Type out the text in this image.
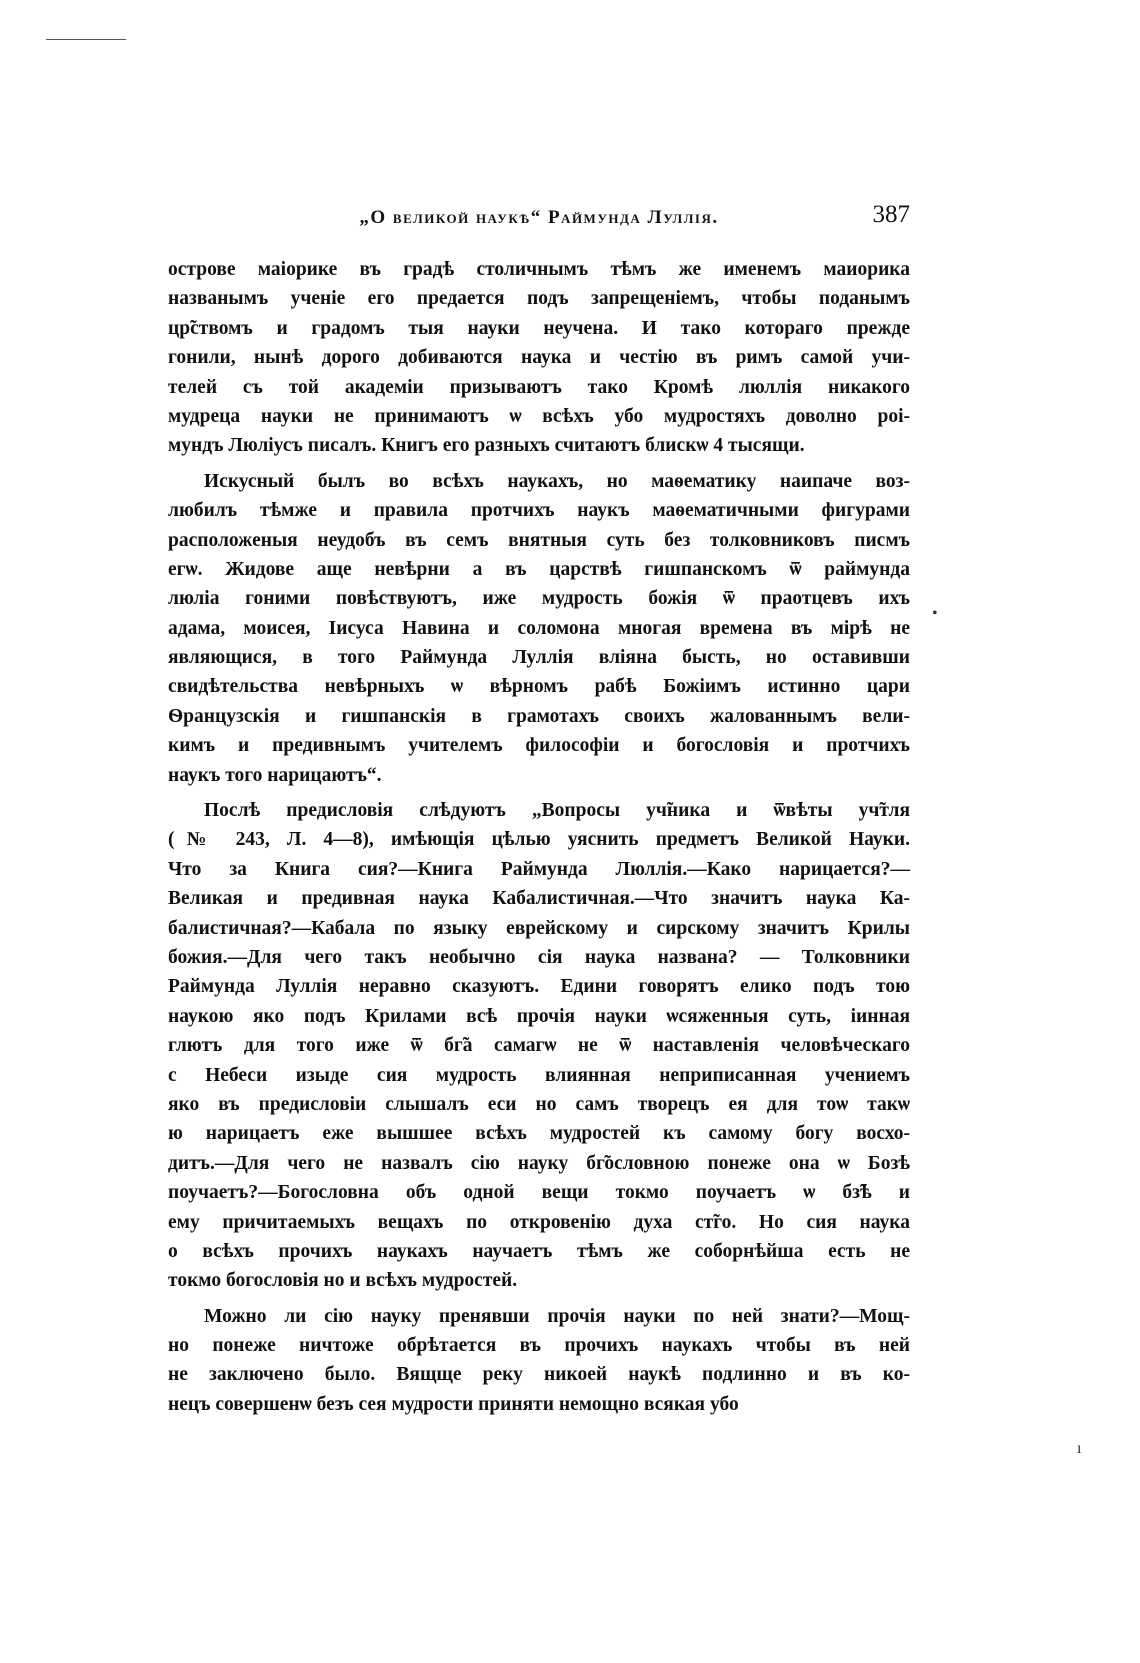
„О великой наукѣ“ Раймунда Луллія.	387
острове маіорике въ градѣ столичнымъ тѣмъ же именемъ маиорика
названымъ ученіе его предается подъ запрещеніемъ, чтобы поданымъ
цр̃ствомъ и градомъ тыя науки неучена. И тако котораго прежде
гонили, нынѣ дорого добиваются наука и честію въ римъ самой учи-
телей съ той академіи призываютъ тако Кромѣ люллія никакого
мудреца науки не принимаютъ ѡ всѣхъ убо мудростяхъ доволно роі-
мундъ Люліусъ писалъ. Книгъ его разныхъ считаютъ блискѡ 4 тысящи.
Искусный былъ во всѣхъ наукахъ, но маѳематику наипаче воз-
любилъ тѣмже и правила протчихъ наукъ маѳематичными фигурами
расположеныя неудобъ въ семъ внятныя суть без толковниковъ писмъ
егѡ. Жидове аще невѣрни а въ царствѣ гишпанскомъ ѿ раймунда
люліа гоними повѣствуютъ, иже мудрость божія ѿ праотцевъ ихъ
адама, моисея, Іисуса Навина и соломона многая времена въ мірѣ не
являющися, в того Раймунда Луллія вліяна бысть, но оставивши
свидѣтельства невѣрныхъ ѡ вѣрномъ рабѣ Божіимъ истинно цари
Ѳранцузскія и гишпанскія в грамотахъ своихъ жалованнымъ вели-
кимъ и предивнымъ учителемъ философіи и богословія и протчихъ
наукъ того нарицаютъ“.
Послѣ предисловія слѣдуютъ „Вопросы уч̃ника и ѿвѣты уч̃тля
(№ 243, Л. 4—8), имѣющія цѣлью уяснить предметъ Великой Науки.
Что за Книга сия?—Книга Раймунда Люллія.—Како нарицается?—
Великая и предивная наука Кабалистичная.—Что значитъ наука Ка-
балистичная?—Кабала по языку еврейскому и сирскому значитъ Крилы
божия.—Для чего такъ необычно сія наука названа? — Толковники
Раймунда Луллія неравно сказуютъ. Едини говорятъ елико подъ тою
наукою яко подъ Крилами всѣ прочія науки ѡсяженныя суть, іинная
глютъ для того иже ѿ бг̃а самагѡ не ѿ наставленія человѣческаго
с Небеси изыде сия мудрость влиянная неприписанная учениемъ
яко въ предисловіи слышалъ еси но самъ творецъ ея для тоѡ такѡ
ю нарицаетъ еже вышшее всѣхъ мудростей къ самому богу восхо-
дитъ.—Для чего не назвалъ сію науку бг̃ословною понеже она ѡ Бозѣ
поучаетъ?—Богословна объ одной вещи токмо поучаетъ ѡ бз̃ѣ и
ему причитаемыхъ вещахъ по откровенію духа ст̃го. Но сия наука
о всѣхъ прочихъ наукахъ научаетъ тѣмъ же соборнѣйша есть не
токмо богословія но и всѣхъ мудростей.
Можно ли сію науку пренявши прочія науки по ней знати?—Мощ-
но понеже ничтоже обрѣтается въ прочихъ наукахъ чтобы въ ней
не заключено было. Вящще реку никоей наукѣ подлинно и въ ко-
нецъ совершенѡ безъ сея мудрости приняти немощно всякая убо
•
ı
